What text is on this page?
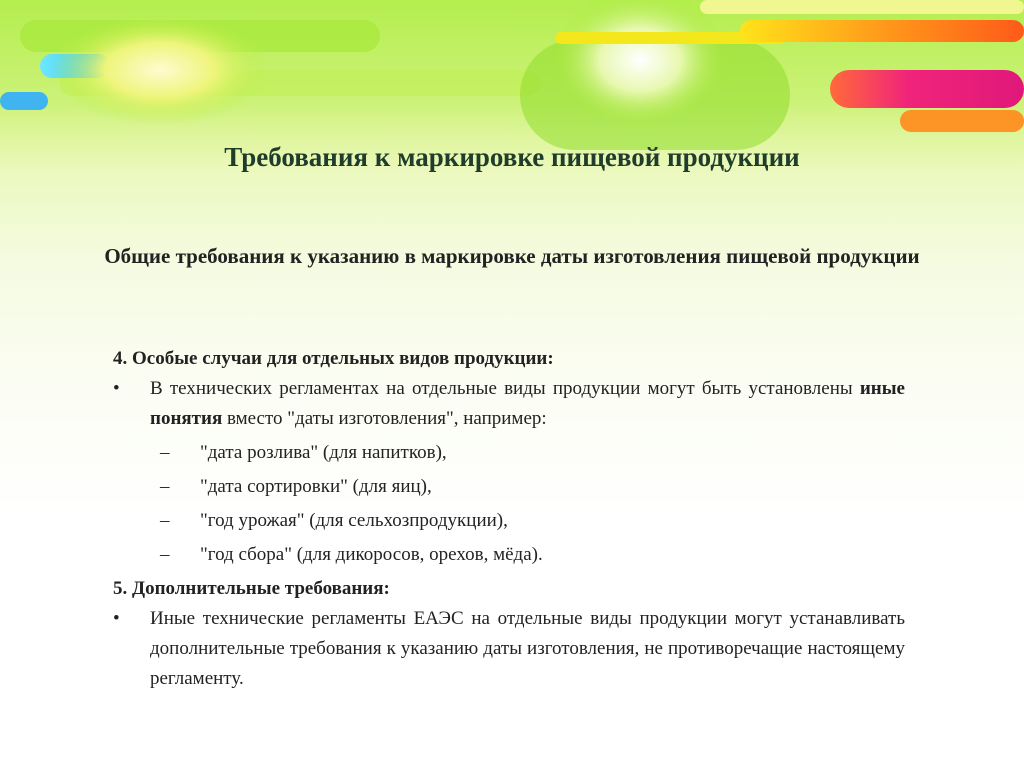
Требования к маркировке пищевой продукции
Общие требования к указанию в маркировке даты изготовления пищевой продукции
4. Особые случаи для отдельных видов продукции:
•	В технических регламентах на отдельные виды продукции могут быть установлены иные понятия вместо "даты изготовления", например:
–	"дата розлива" (для напитков),
–	"дата сортировки" (для яиц),
–	"год урожая" (для сельхозпродукции),
–	"год сбора" (для дикоросов, орехов, мёда).
5. Дополнительные требования:
•	Иные технические регламенты ЕАЭС на отдельные виды продукции могут устанавливать дополнительные требования к указанию даты изготовления, не противоречащие настоящему регламенту.
